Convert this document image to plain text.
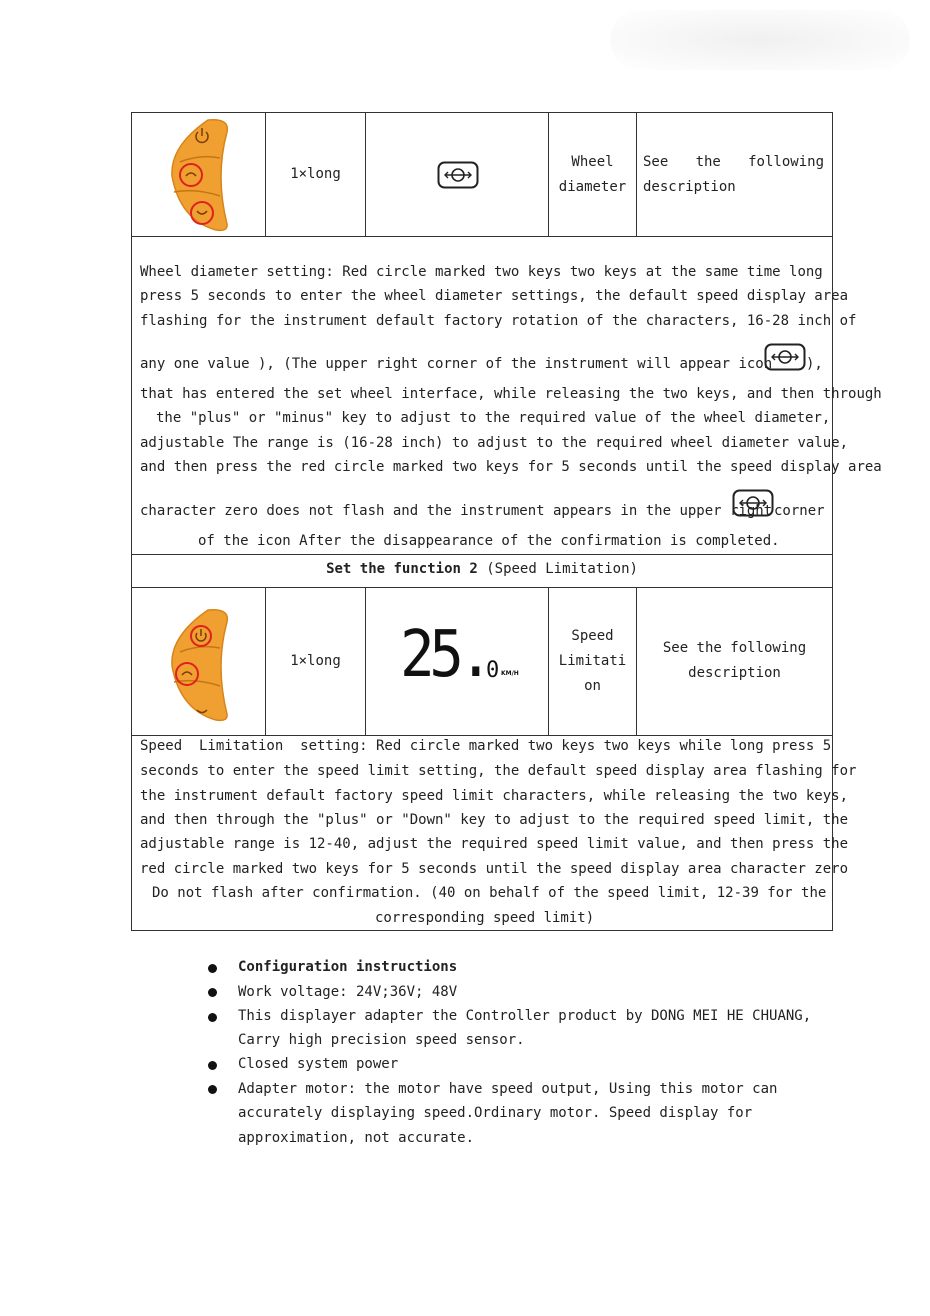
1×long
Wheel
diameter
See the following
description
Wheel diameter setting: Red circle marked two keys two keys at the same time long
press 5 seconds to enter the wheel diameter settings, the default speed display area
flashing for the instrument default factory rotation of the characters, 16-28 inch of
any one value ), (The upper right corner of the instrument will appear icon ),
that has entered the set wheel interface, while releasing the two keys, and then through
the "plus" or "minus" key to adjust to the required value of the wheel diameter,
adjustable The range is (16-28 inch) to adjust to the required wheel diameter value,
and then press the red circle marked two keys for 5 seconds until the speed display area
character zero does not flash and the instrument appears in the upper right corner
of the icon After the disappearance of the confirmation is completed.
Set the function 2 (Speed Limitation)
1×long 25.
0 KM/H
Speed
Limitati
on
See the following
description
Speed  Limitation  setting: Red circle marked two keys two keys while long press 5
seconds to enter the speed limit setting, the default speed display area flashing for
the instrument default factory speed limit characters, while releasing the two keys,
and then through the "plus" or "Down" key to adjust to the required speed limit, the
adjustable range is 12-40, adjust the required speed limit value, and then press the
red circle marked two keys for 5 seconds until the speed display area character zero
Do not flash after confirmation. (40 on behalf of the speed limit, 12-39 for the
corresponding speed limit)
Configuration instructions
Work voltage: 24V;36V; 48V
This displayer adapter the Controller product by DONG MEI HE CHUANG,
Carry high precision speed sensor.
Closed system power
Adapter motor: the motor have speed output, Using this motor can
accurately displaying speed.Ordinary motor. Speed display for
approximation, not accurate.
